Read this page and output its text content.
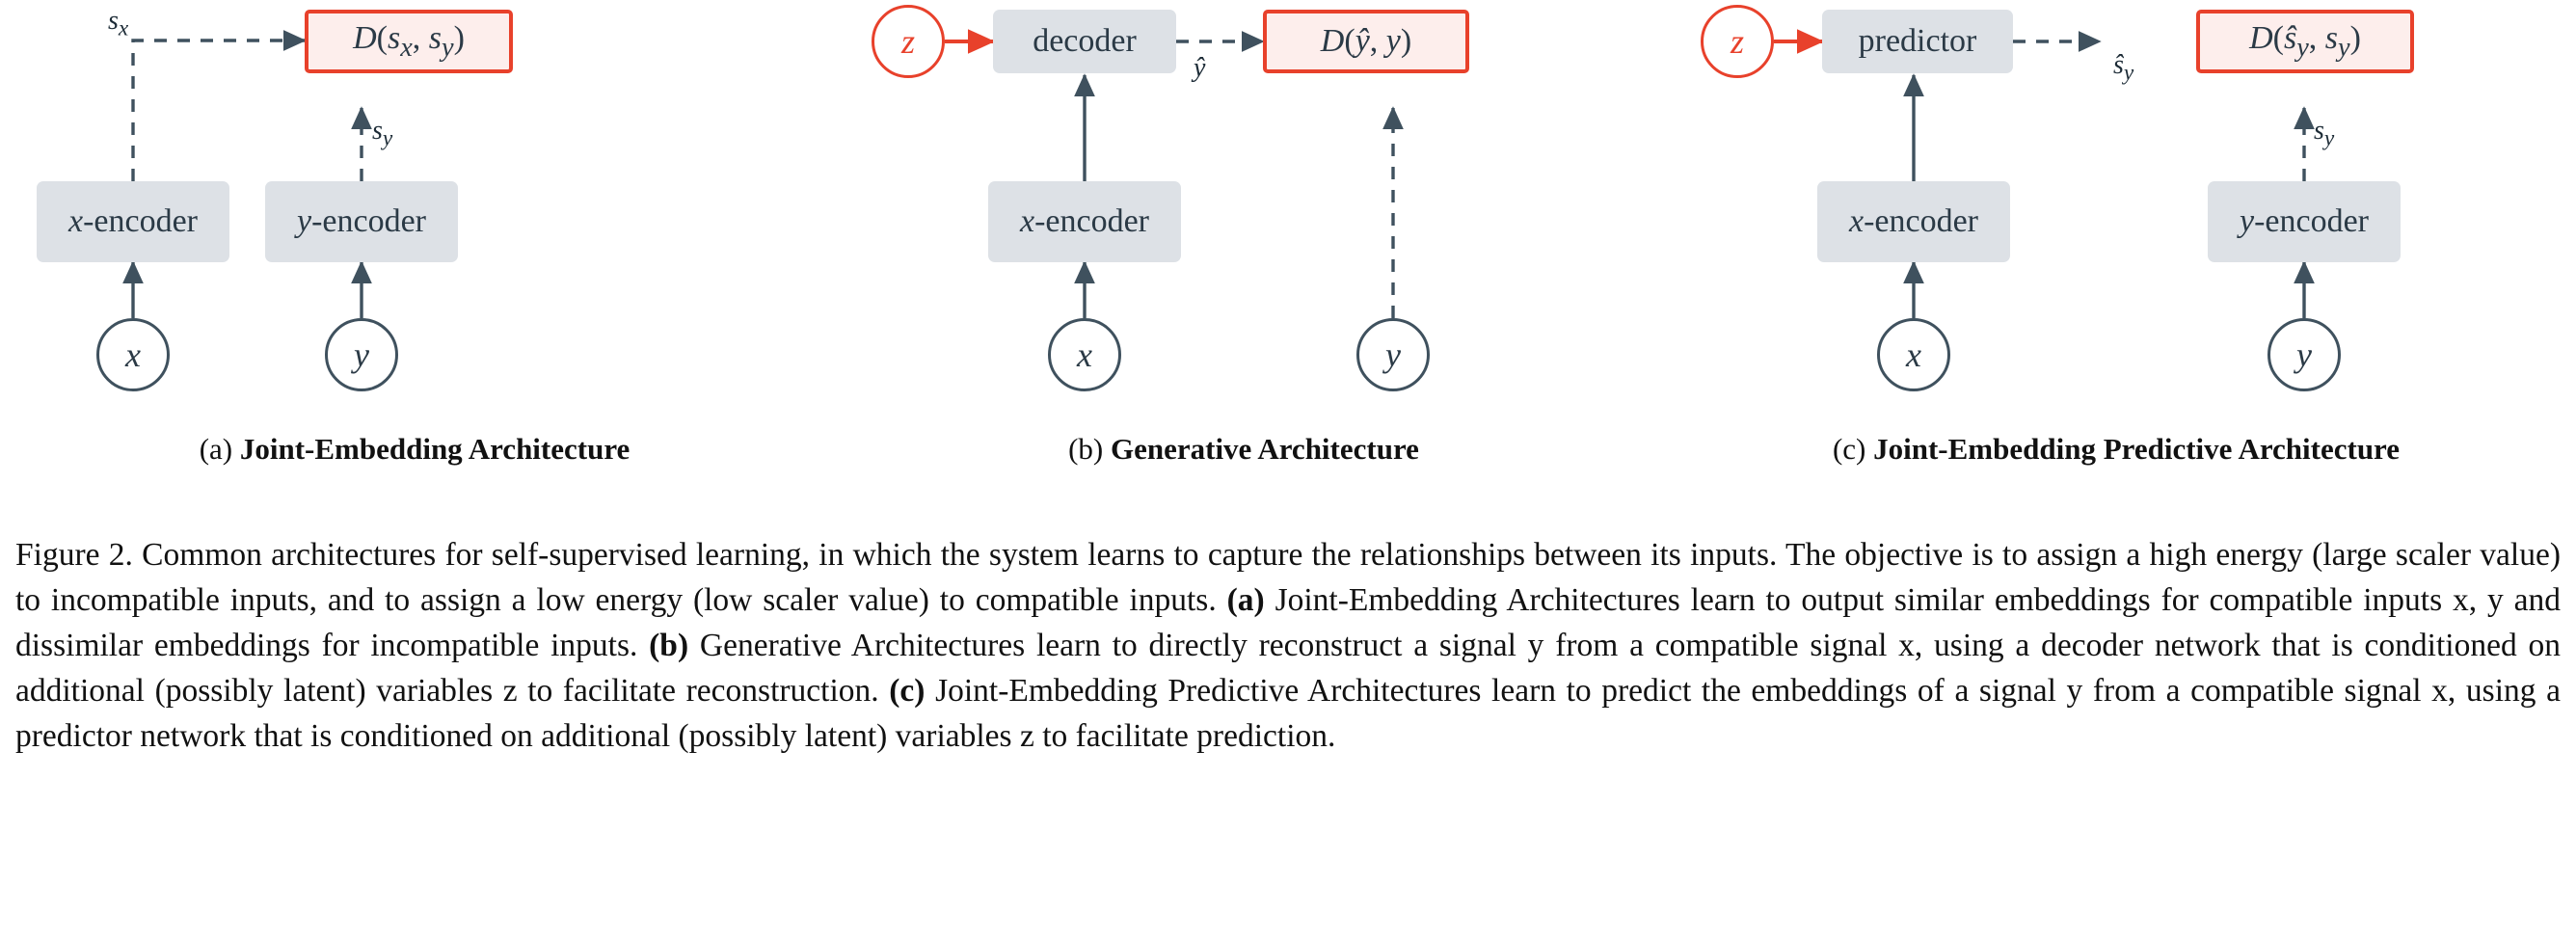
x	y
x-encoder	y-encoder
$D(s_x$, $s_y$)
$s_x$
$s_y$
(a) Joint-Embedding Architecture
z	decoder	D(ŷ, y)
x-encoder
x	y
ŷ
(b) Generative Architecture
z	predictor	$D(ŝ_y$, $s_y$)
x-encoder	y-encoder
x	y
$ŝ_y$
$s_y$
(c) Joint-Embedding Predictive Architecture
Figure 2. Common architectures for self-supervised learning, in which the system learns to capture the relationships between its inputs. The objective is to assign a high energy (large scaler value) to incompatible inputs, and to assign a low energy (low scaler value) to compatible inputs. (a) Joint-Embedding Architectures learn to output similar embeddings for compatible inputs x, y and dissimilar embeddings for incompatible inputs. (b) Generative Architectures learn to directly reconstruct a signal y from a compatible signal x, using a decoder network that is conditioned on additional (possibly latent) variables z to facilitate reconstruction. (c) Joint-Embedding Predictive Architectures learn to predict the embeddings of a signal y from a compatible signal x, using a predictor network that is conditioned on additional (possibly latent) variables z to facilitate prediction.
